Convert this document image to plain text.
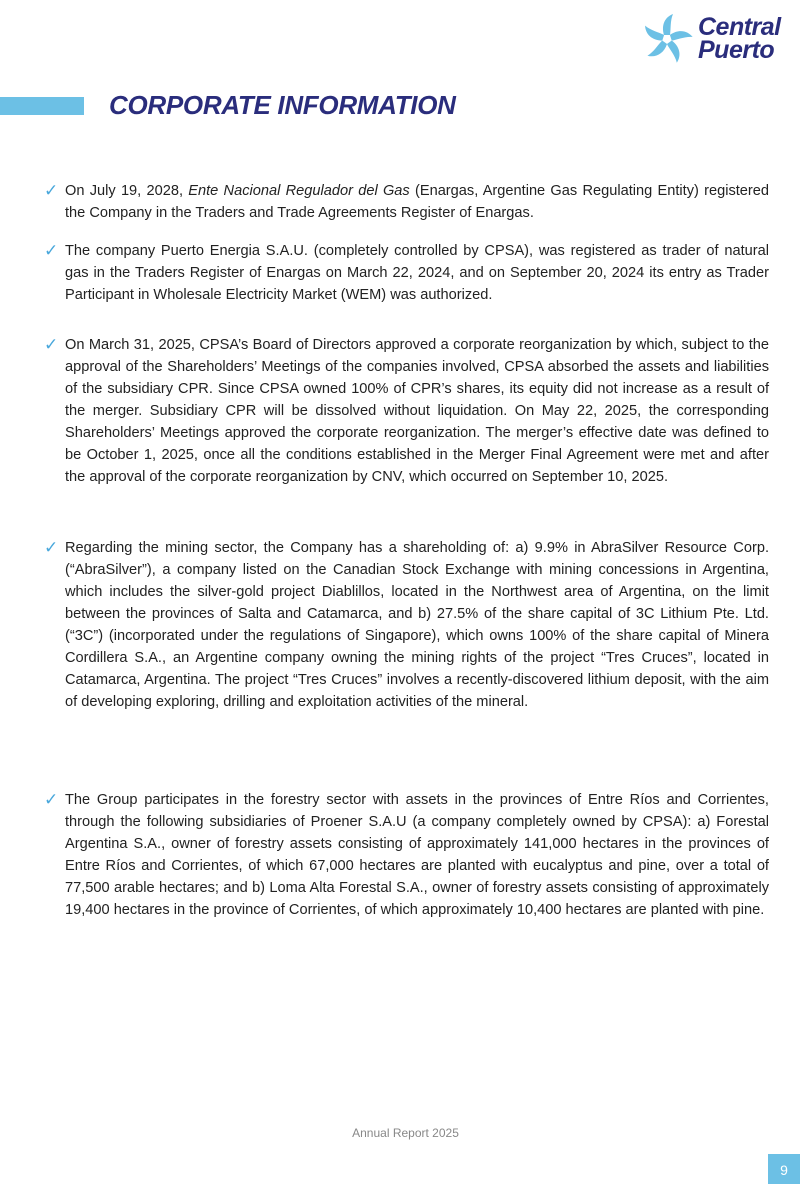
Central
Puerto
CORPORATE INFORMATION
✓ On July 19, 2028, Ente Nacional Regulador del Gas (Enargas, Argentine Gas Regulating Entity) registered the Company in the Traders and Trade Agreements Register of Enargas.
✓ The company Puerto Energia S.A.U. (completely controlled by CPSA), was registered as trader of natural gas in the Traders Register of Enargas on March 22, 2024, and on September 20, 2024 its entry as Trader Participant in Wholesale Electricity Market (WEM) was authorized.
✓ On March 31, 2025, CPSA’s Board of Directors approved a corporate reorganization by which, subject to the approval of the Shareholders’ Meetings of the companies involved, CPSA absorbed the assets and liabilities of the subsidiary CPR. Since CPSA owned 100% of CPR’s shares, its equity did not increase as a result of the merger. Subsidiary CPR will be dissolved without liquidation. On May 22, 2025, the corresponding Shareholders’ Meetings approved the corporate reorganization. The merger’s effective date was defined to be October 1, 2025, once all the conditions established in the Merger Final Agreement were met and after the approval of the corporate reorganization by CNV, which occurred on September 10, 2025.
✓ Regarding the mining sector, the Company has a shareholding of: a) 9.9% in AbraSilver Resource Corp. (“AbraSilver”), a company listed on the Canadian Stock Exchange with mining concessions in Argentina, which includes the silver-gold project Diablillos, located in the Northwest area of Argentina, on the limit between the provinces of Salta and Catamarca, and b) 27.5% of the share capital of 3C Lithium Pte. Ltd. (“3C”) (incorporated under the regulations of Singapore), which owns 100% of the share capital of Minera Cordillera S.A., an Argentine company owning the mining rights of the project “Tres Cruces”, located in Catamarca, Argentina. The project “Tres Cruces” involves a recently-discovered lithium deposit, with the aim of developing exploring, drilling and exploitation activities of the mineral.
✓ The Group participates in the forestry sector with assets in the provinces of Entre Ríos and Corrientes, through the following subsidiaries of Proener S.A.U (a company completely owned by CPSA): a) Forestal Argentina S.A., owner of forestry assets consisting of approximately 141,000 hectares in the provinces of Entre Ríos and Corrientes, of which 67,000 hectares are planted with eucalyptus and pine, over a total of 77,500 arable hectares; and b) Loma Alta Forestal S.A., owner of forestry assets consisting of approximately 19,400 hectares in the province of Corrientes, of which approximately 10,400 hectares are planted with pine.
Annual Report 2025
9
